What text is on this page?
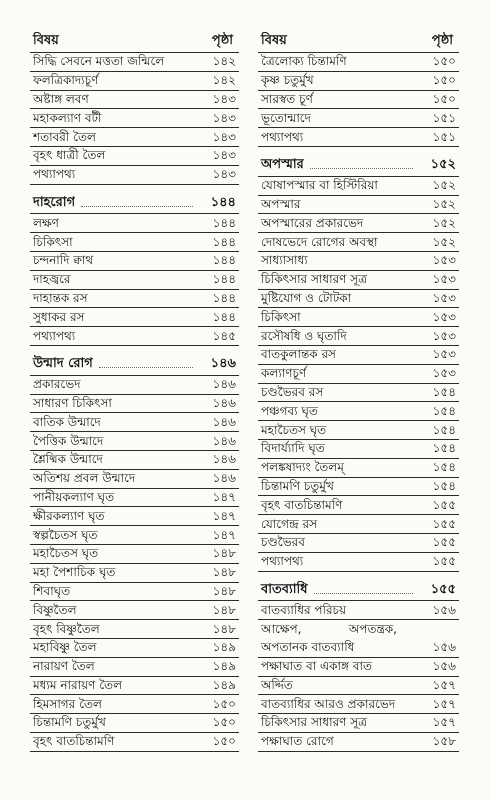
বিষয়	পৃষ্ঠা
সিদ্ধি সেবনে মত্ততা জন্মিলে	১৪২
ফলত্রিকাদ্যচূর্ণ	১৪২
অষ্টাঙ্গ লবণ	১৪৩
মহাকল্যাণ বটী	১৪৩
শতাবরী তৈল	১৪৩
বৃহৎ ধাত্রী তৈল	১৪৩
পথ্যাপথ্য	১৪৩
দাহরোগ	১৪৪
লক্ষণ	১৪৪
চিকিৎসা	১৪৪
চন্দনাদি ক্বাথ	১৪৪
দাহজ্বরে	১৪৪
দাহান্তক রস	১৪৪
সুধাকর রস	১৪৪
পথ্যাপথ্য	১৪৫
উন্মাদ রোগ	১৪৬
প্রকারভেদ	১৪৬
সাধারণ চিকিৎসা	১৪৬
বাতিক উন্মাদে	১৪৬
পৈত্তিক উন্মাদে	১৪৬
শ্লৈষ্মিক উন্মাদে	১৪৬
অতিশয় প্রবল উন্মাদে	১৪৬
পানীয়কল্যাণ ঘৃত	১৪৭
ক্ষীরকল্যাণ ঘৃত	১৪৭
স্বল্পচৈতস ঘৃত	১৪৭
মহাচৈতস ঘৃত	১৪৮
মহা পৈশাচিক ঘৃত	১৪৮
শিবাঘৃত	১৪৮
বিষ্ণুতৈল	১৪৮
বৃহৎ বিষ্ণুতৈল	১৪৮
মহাবিষ্ণু তৈল	১৪৯
নারায়ণ তৈল	১৪৯
মধ্যম নারায়ণ তৈল	১৪৯
হিমসাগর তৈল	১৫০
চিন্তামণি চতুর্মুখ	১৫০
বৃহৎ বাতচিন্তামণি	১৫০
বিষয়	পৃষ্ঠা
ত্রৈলোক্য চিন্তামণি	১৫০
কৃষ্ণ চতুর্মুখ	১৫০
সারস্বত চূর্ণ	১৫০
ভূতোন্মাদে	১৫১
পথ্যাপথ্য	১৫১
অপস্মার	১৫২
যোষাপস্মার বা হিস্টিরিয়া	১৫২
অপস্মার	১৫২
অপস্মারের প্রকারভেদ	১৫২
দোষভেদে রোগের অবস্থা	১৫২
সাধ্যাসাধ্য	১৫৩
চিকিৎসার সাধারণ সূত্র	১৫৩
মুষ্টিযোগ ও টোটকা	১৫৩
চিকিৎসা	১৫৩
রসৌষধি ও ঘৃতাদি	১৫৩
বাতকুলান্তক রস	১৫৩
কল্যাণচূর্ণ	১৫৩
চণ্ডভৈরব রস	১৫৪
পঞ্চগব্য ঘৃত	১৫৪
মহাচৈতস ঘৃত	১৫৪
বিদার্য্যাদি ঘৃত	১৫৪
পলঙ্কষাদ্যং তৈলম্	১৫৪
চিন্তামণি চতুর্মুখ	১৫৪
বৃহৎ বাতচিন্তামণি	১৫৫
যোগেন্দ্র রস	১৫৫
চণ্ডভৈরব	১৫৫
পথ্যাপথ্য	১৫৫
বাতব্যাধি	১৫৫
বাতব্যাধির পরিচয়	১৫৬
আক্ষেপ, অপতন্ত্রক,
অপতানক বাতব্যাধি	১৫৬
পক্ষাঘাত বা একাঙ্গ বাত	১৫৬
অর্দ্দিত	১৫৭
বাতব্যাধির আরও প্রকারভেদ	১৫৭
চিকিৎসার সাধারণ সূত্র	১৫৭
পক্ষাঘাত রোগে	১৫৮
